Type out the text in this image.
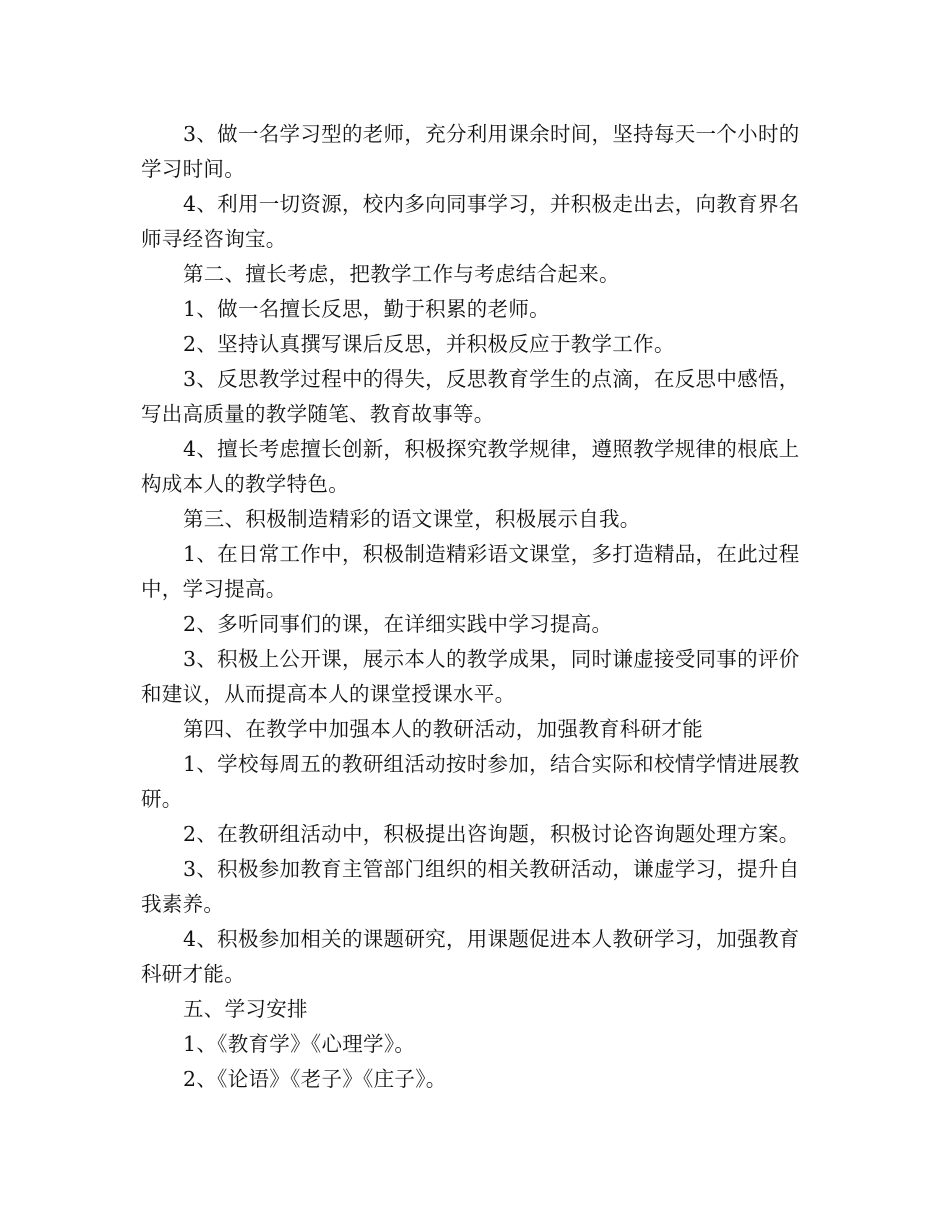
3、做一名学习型的老师，充分利用课余时间，坚持每天一个小时的学习时间。

4、利用一切资源，校内多向同事学习，并积极走出去，向教育界名师寻经咨询宝。

第二、擅长考虑，把教学工作与考虑结合起来。

1、做一名擅长反思，勤于积累的老师。

2、坚持认真撰写课后反思，并积极反应于教学工作。

3、反思教学过程中的得失，反思教育学生的点滴，在反思中感悟，写出高质量的教学随笔、教育故事等。

4、擅长考虑擅长创新，积极探究教学规律，遵照教学规律的根底上构成本人的教学特色。

第三、积极制造精彩的语文课堂，积极展示自我。

1、在日常工作中，积极制造精彩语文课堂，多打造精品，在此过程中，学习提高。

2、多听同事们的课，在详细实践中学习提高。

3、积极上公开课，展示本人的教学成果，同时谦虚接受同事的评价和建议，从而提高本人的课堂授课水平。

第四、在教学中加强本人的教研活动，加强教育科研才能

1、学校每周五的教研组活动按时参加，结合实际和校情学情进展教研。

2、在教研组活动中，积极提出咨询题，积极讨论咨询题处理方案。

3、积极参加教育主管部门组织的相关教研活动，谦虚学习，提升自我素养。

4、积极参加相关的课题研究，用课题促进本人教研学习，加强教育科研才能。

五、学习安排

1、《教育学》《心理学》。

2、《论语》《老子》《庄子》。
